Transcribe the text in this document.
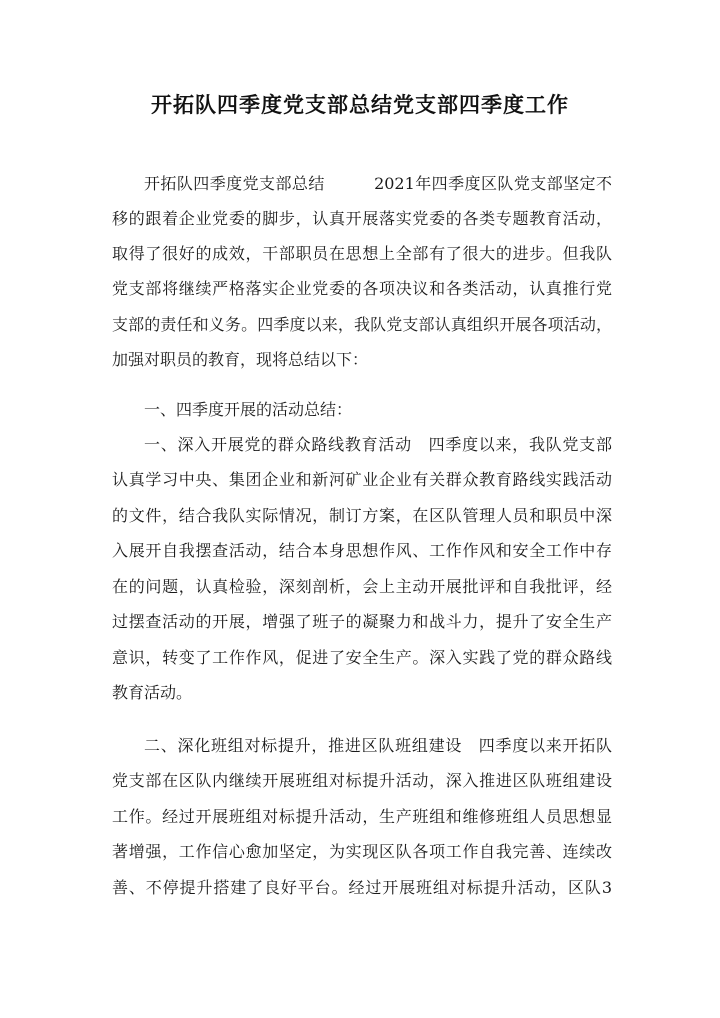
开拓队四季度党支部总结党支部四季度工作
开拓队四季度党支部总结　　　2021年四季度区队党支部坚定不
移的跟着企业党委的脚步，认真开展落实党委的各类专题教育活动，
取得了很好的成效，干部职员在思想上全部有了很大的进步。但我队
党支部将继续严格落实企业党委的各项决议和各类活动，认真推行党
支部的责任和义务。四季度以来，我队党支部认真组织开展各项活动，
加强对职员的教育，现将总结以下：
一、四季度开展的活动总结：
一、深入开展党的群众路线教育活动　四季度以来，我队党支部
认真学习中央、集团企业和新河矿业企业有关群众教育路线实践活动
的文件，结合我队实际情况，制订方案，在区队管理人员和职员中深
入展开自我摆查活动，结合本身思想作风、工作作风和安全工作中存
在的问题，认真检验，深刻剖析，会上主动开展批评和自我批评，经
过摆查活动的开展，增强了班子的凝聚力和战斗力，提升了安全生产
意识，转变了工作作风，促进了安全生产。深入实践了党的群众路线
教育活动。
二、深化班组对标提升，推进区队班组建设　四季度以来开拓队
党支部在区队内继续开展班组对标提升活动，深入推进区队班组建设
工作。经过开展班组对标提升活动，生产班组和维修班组人员思想显
著增强，工作信心愈加坚定，为实现区队各项工作自我完善、连续改
善、不停提升搭建了良好平台。经过开展班组对标提升活动，区队3
